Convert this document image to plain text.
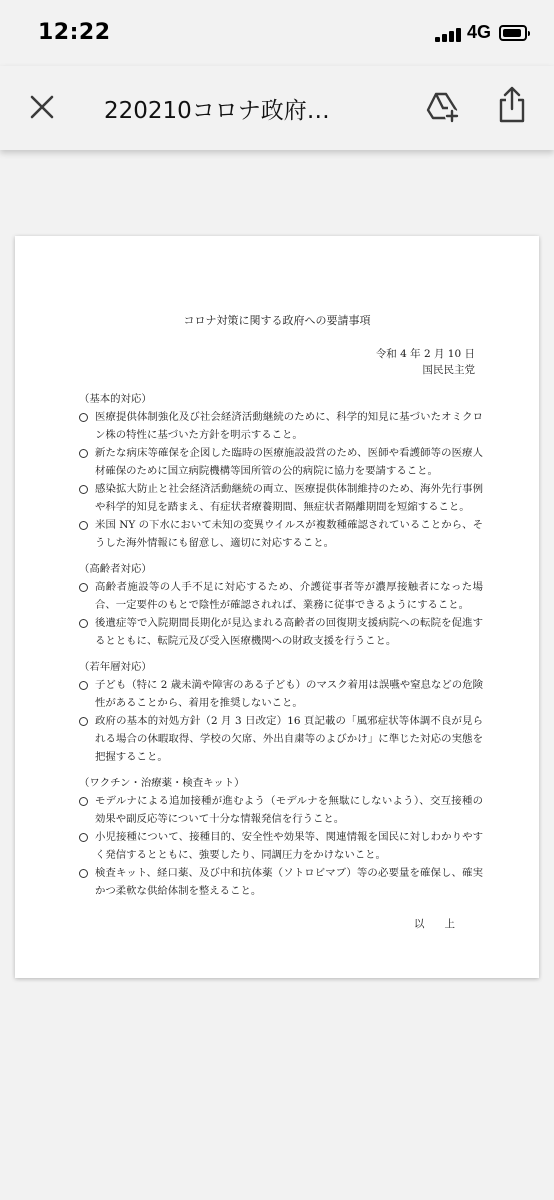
12:22	4G
220210コロナ政府…
コロナ対策に関する政府への要請事項
令和 4 年 2 月 10 日
国民民主党
（基本的対応）
医療提供体制強化及び社会経済活動継続のために、科学的知見に基づいたオミクロン株の特性に基づいた方針を明示すること。
新たな病床等確保を企図した臨時の医療施設設営のため、医師や看護師等の医療人材確保のために国立病院機構等国所管の公的病院に協力を要請すること。
感染拡大防止と社会経済活動継続の両立、医療提供体制維持のため、海外先行事例や科学的知見を踏まえ、有症状者療養期間、無症状者隔離期間を短縮すること。
米国 NY の下水において未知の変異ウイルスが複数種確認されていることから、そうした海外情報にも留意し、適切に対応すること。
（高齢者対応）
高齢者施設等の人手不足に対応するため、介護従事者等が濃厚接触者になった場合、一定要件のもとで陰性が確認されれば、業務に従事できるようにすること。
後遺症等で入院期間長期化が見込まれる高齢者の回復期支援病院への転院を促進するとともに、転院元及び受入医療機関への財政支援を行うこと。
（若年層対応）
子ども（特に 2 歳未満や障害のある子ども）のマスク着用は誤嚥や窒息などの危険性があることから、着用を推奨しないこと。
政府の基本的対処方針（2 月 3 日改定）16 頁記載の「風邪症状等体調不良が見られる場合の休暇取得、学校の欠席、外出自粛等のよびかけ」に準じた対応の実態を把握すること。
（ワクチン・治療薬・検査キット）
モデルナによる追加接種が進むよう（モデルナを無駄にしないよう）、交互接種の効果や副反応等について十分な情報発信を行うこと。
小児接種について、接種目的、安全性や効果等、関連情報を国民に対しわかりやすく発信するとともに、強要したり、同調圧力をかけないこと。
検査キット、経口薬、及び中和抗体薬（ソトロビマブ）等の必要量を確保し、確実かつ柔軟な供給体制を整えること。
以上
